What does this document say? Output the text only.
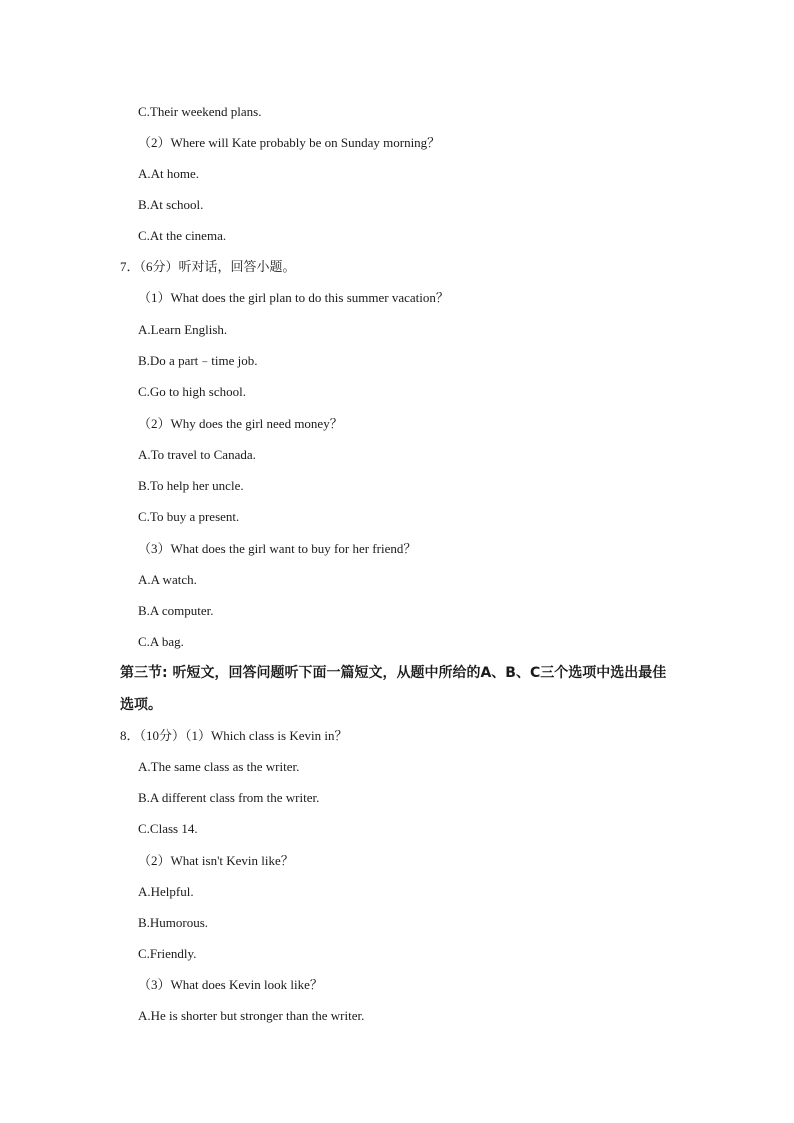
C.Their weekend plans.
（2）Where will Kate probably be on Sunday morning？
A.At home.
B.At school.
C.At the cinema.
7．（6分）听对话，回答小题。
（1）What does the girl plan to do this summer vacation？
A.Learn English.
B.Do a part﹣time job.
C.Go to high school.
（2）Why does the girl need money？
A.To travel to Canada.
B.To help her uncle.
C.To buy a present.
（3）What does the girl want to buy for her friend？
A.A watch.
B.A computer.
C.A bag.
第三节: 听短文，回答问题听下面一篇短文，从题中所给的A、B、C三个选项中选出最佳
选项。
8．（10分）（1）Which class is Kevin in？
A.The same class as the writer.
B.A different class from the writer.
C.Class 14.
（2）What isn't Kevin like？
A.Helpful.
B.Humorous.
C.Friendly.
（3）What does Kevin look like？
A.He is shorter but stronger than the writer.
